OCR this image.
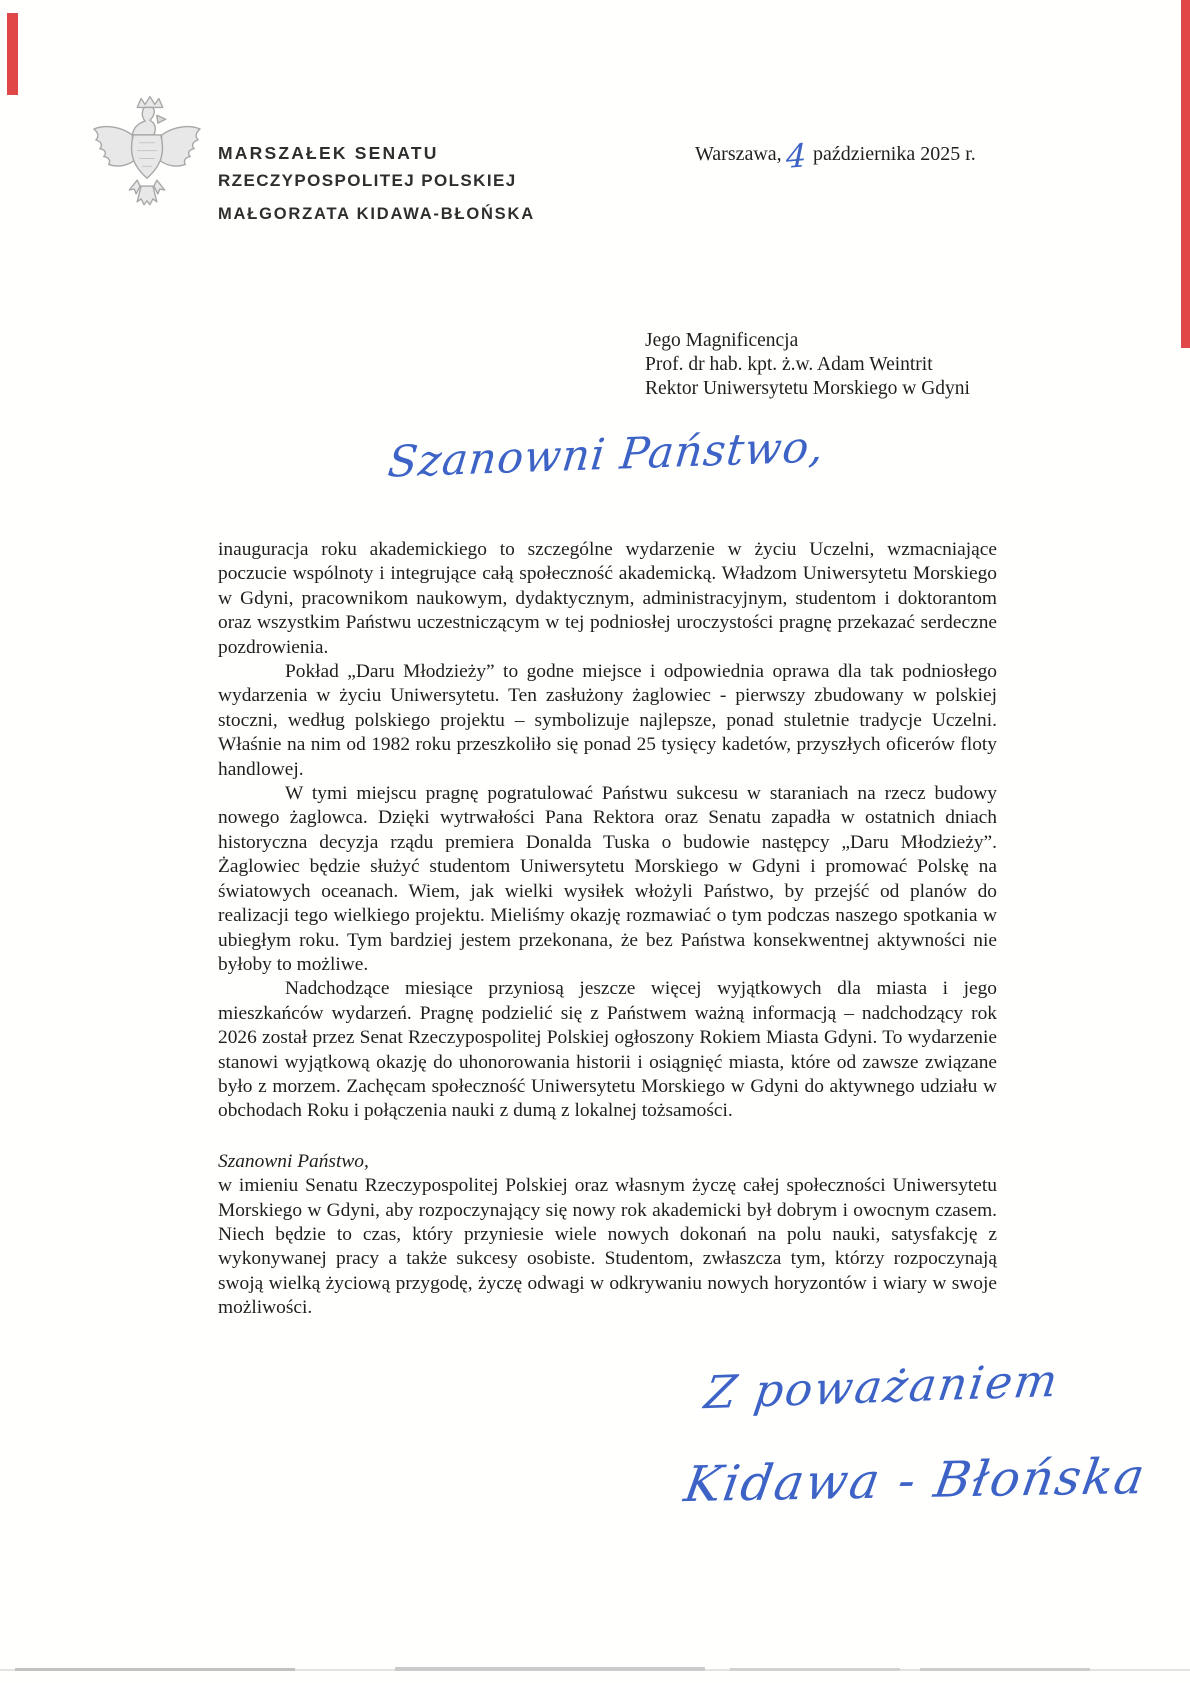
MARSZAŁEK SENATU
RZECZYPOSPOLITEJ POLSKIEJ
MAŁGORZATA KIDAWA-BŁOŃSKA
Warszawa, 4 października 2025 r.
Jego Magnificencja
Prof. dr hab. kpt. ż.w. Adam Weintrit
Rektor Uniwersytetu Morskiego w Gdyni
Szanowni Państwo,

inauguracja roku akademickiego to szczególne wydarzenie w życiu Uczelni, wzmacniające poczucie wspólnoty i integrujące całą społeczność akademicką. Władzom Uniwersytetu Morskiego w Gdyni, pracownikom naukowym, dydaktycznym, administracyjnym, studentom i doktorantom oraz wszystkim Państwu uczestniczącym w tej podniosłej uroczystości pragnę przekazać serdeczne pozdrowienia.

Pokład „Daru Młodzieży” to godne miejsce i odpowiednia oprawa dla tak podniosłego wydarzenia w życiu Uniwersytetu. Ten zasłużony żaglowiec - pierwszy zbudowany w polskiej stoczni, według polskiego projektu – symbolizuje najlepsze, ponad stuletnie tradycje Uczelni. Właśnie na nim od 1982 roku przeszkoliło się ponad 25 tysięcy kadetów, przyszłych oficerów floty handlowej.

W tymi miejscu pragnę pogratulować Państwu sukcesu w staraniach na rzecz budowy nowego żaglowca. Dzięki wytrwałości Pana Rektora oraz Senatu zapadła w ostatnich dniach historyczna decyzja rządu premiera Donalda Tuska o budowie następcy „Daru Młodzieży”. Żaglowiec będzie służyć studentom Uniwersytetu Morskiego w Gdyni i promować Polskę na światowych oceanach. Wiem, jak wielki wysiłek włożyli Państwo, by przejść od planów do realizacji tego wielkiego projektu. Mieliśmy okazję rozmawiać o tym podczas naszego spotkania w ubiegłym roku. Tym bardziej jestem przekonana, że bez Państwa konsekwentnej aktywności nie byłoby to możliwe.

Nadchodzące miesiące przyniosą jeszcze więcej wyjątkowych dla miasta i jego mieszkańców wydarzeń. Pragnę podzielić się z Państwem ważną informacją – nadchodzący rok 2026 został przez Senat Rzeczypospolitej Polskiej ogłoszony Rokiem Miasta Gdyni. To wydarzenie stanowi wyjątkową okazję do uhonorowania historii i osiągnięć miasta, które od zawsze związane było z morzem. Zachęcam społeczność Uniwersytetu Morskiego w Gdyni do aktywnego udziału w obchodach Roku i połączenia nauki z dumą z lokalnej tożsamości.

Szanowni Państwo,

w imieniu Senatu Rzeczypospolitej Polskiej oraz własnym życzę całej społeczności Uniwersytetu Morskiego w Gdyni, aby rozpoczynający się nowy rok akademicki był dobrym i owocnym czasem. Niech będzie to czas, który przyniesie wiele nowych dokonań na polu nauki, satysfakcję z wykonywanej pracy a także sukcesy osobiste. Studentom, zwłaszcza tym, którzy rozpoczynają swoją wielką życiową przygodę, życzę odwagi w odkrywaniu nowych horyzontów i wiary w swoje możliwości.

Z poważaniem
Kidawa - Błońska
